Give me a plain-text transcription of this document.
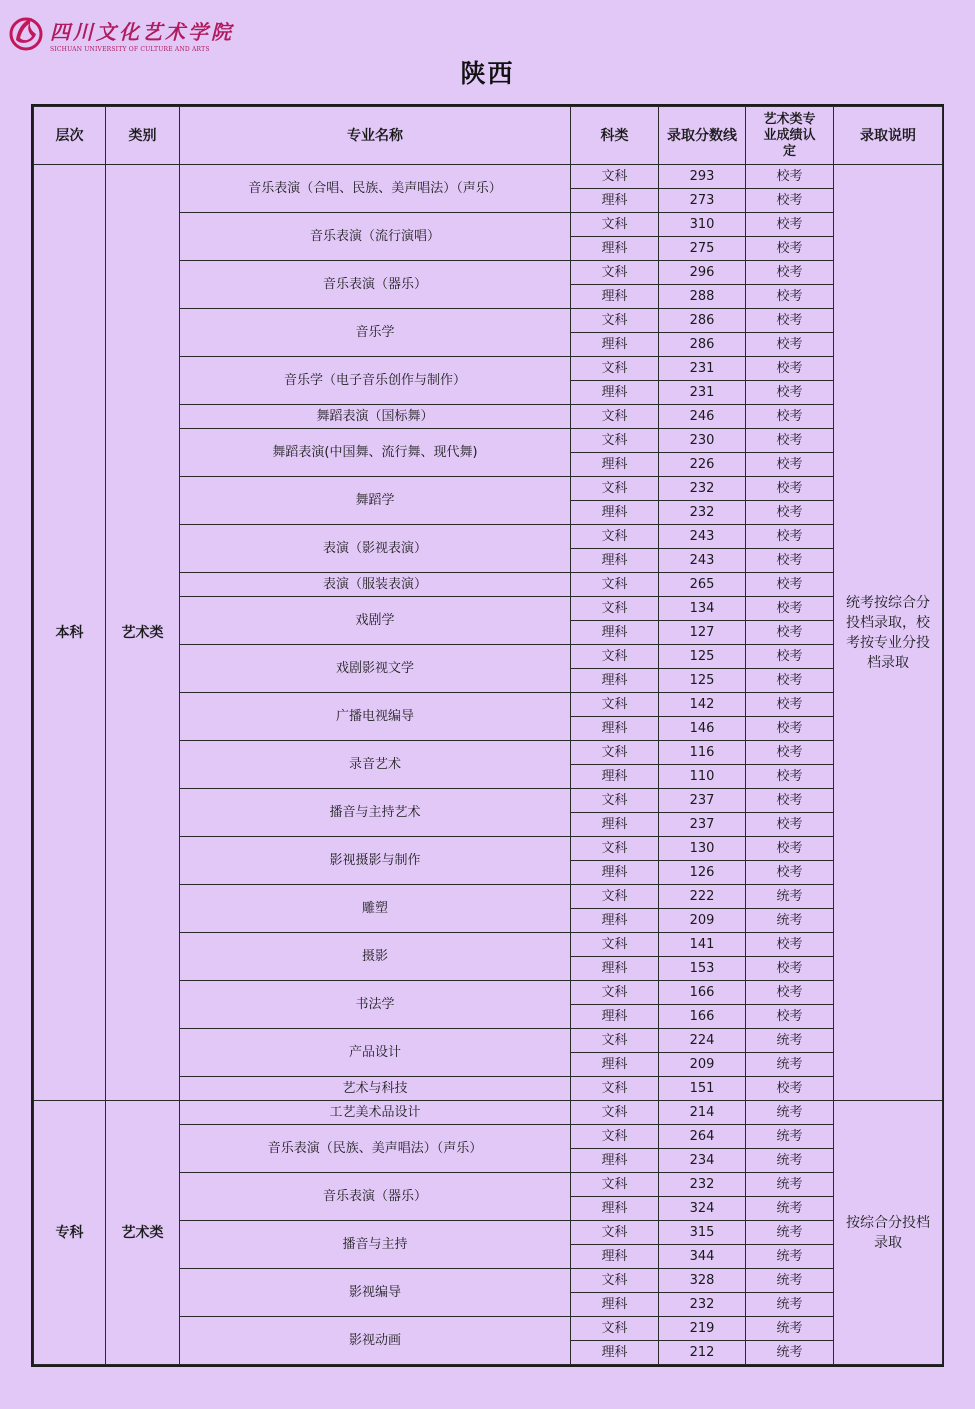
四川文化艺术学院
SICHUAN UNIVERSITY OF CULTURE AND ARTS
陕西
层次	类别	专业名称	科类	录取分数线	艺术类专业成绩认定	录取说明
本科	艺术类	音乐表演（合唱、民族、美声唱法）（声乐）	文科	293	校考	统考按综合分投档录取，校考按专业分投档录取
			理科	273	校考	
		音乐表演（流行演唱）	文科	310	校考	
			理科	275	校考	
		音乐表演（器乐）	文科	296	校考	
			理科	288	校考	
		音乐学	文科	286	校考	
			理科	286	校考	
		音乐学（电子音乐创作与制作）	文科	231	校考	
			理科	231	校考	
		舞蹈表演（国标舞）	文科	246	校考	
		舞蹈表演(中国舞、流行舞、现代舞)	文科	230	校考	
			理科	226	校考	
		舞蹈学	文科	232	校考	
			理科	232	校考	
		表演（影视表演）	文科	243	校考	
			理科	243	校考	
		表演（服装表演）	文科	265	校考	
		戏剧学	文科	134	校考	
			理科	127	校考	
		戏剧影视文学	文科	125	校考	
			理科	125	校考	
		广播电视编导	文科	142	校考	
			理科	146	校考	
		录音艺术	文科	116	校考	
			理科	110	校考	
		播音与主持艺术	文科	237	校考	
			理科	237	校考	
		影视摄影与制作	文科	130	校考	
			理科	126	校考	
		雕塑	文科	222	统考	
			理科	209	统考	
		摄影	文科	141	校考	
			理科	153	校考	
		书法学	文科	166	校考	
			理科	166	校考	
		产品设计	文科	224	统考	
			理科	209	统考	
		艺术与科技	文科	151	校考	
专科	艺术类	工艺美术品设计	文科	214	统考	按综合分投档录取
		音乐表演（民族、美声唱法）（声乐）	文科	264	统考	
			理科	234	统考	
		音乐表演（器乐）	文科	232	统考	
			理科	324	统考	
		播音与主持	文科	315	统考	
			理科	344	统考	
		影视编导	文科	328	统考	
			理科	232	统考	
		影视动画	文科	219	统考	
			理科	212	统考	
